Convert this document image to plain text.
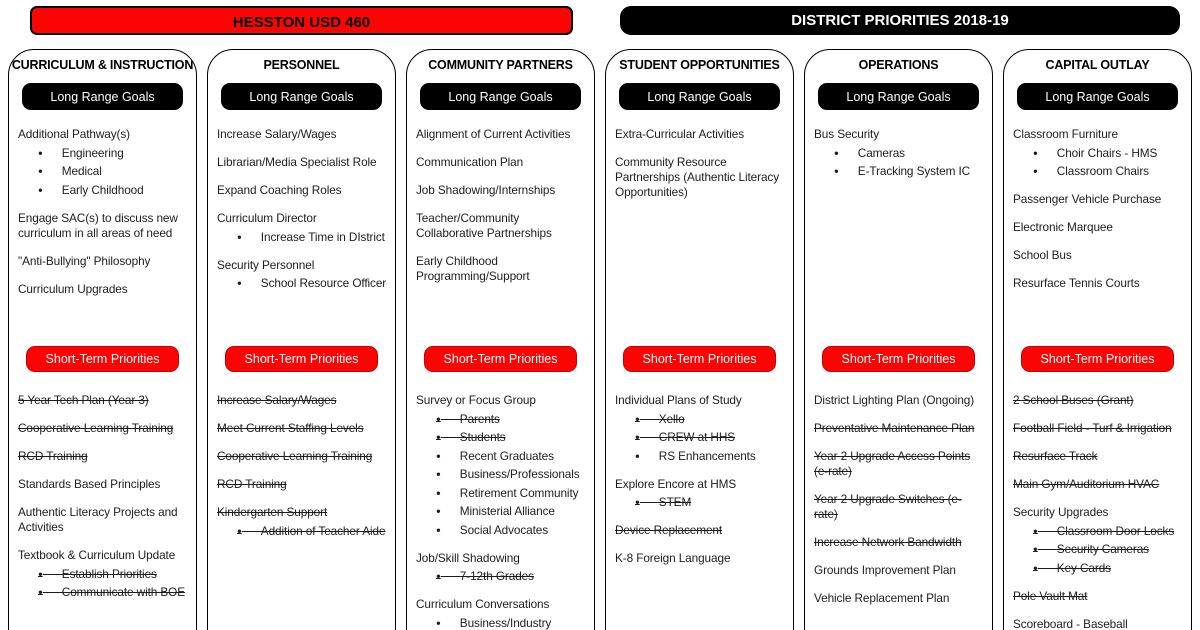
HESSTON USD 460	DISTRICT PRIORITIES 2018-19
CURRICULUM & INSTRUCTION
Long Range Goals
Additional Pathway(s)
●      Engineering
●      Medical
●      Early Childhood
Engage SAC(s) to discuss new curriculum in all areas of need
"Anti-Bullying" Philosophy
Curriculum Upgrades
Short-Term Priorities
5 Year Tech Plan (Year 3)
Cooperative Learning Training
RCD Training
Standards Based Principles
Authentic Literacy Projects and Activities
Textbook & Curriculum Update
●      Establish Priorities
●      Communicate with BOE
PERSONNEL
Long Range Goals
Increase Salary/Wages
Librarian/Media Specialist Role
Expand Coaching Roles
Curriculum Director
●      Increase Time in DIstrict
Security Personnel
●      School Resource Officer
Short-Term Priorities
Increase Salary/Wages
Meet Current Staffing Levels
Cooperative Learning Training
RCD Training
Kindergarten Support
●      Addition of Teacher Aide
COMMUNITY PARTNERS
Long Range Goals
Alignment of Current Activities
Communication Plan
Job Shadowing/Internships
Teacher/Community Collaborative Partnerships
Early Childhood Programming/Support
Short-Term Priorities
Survey or Focus Group
●      Parents
●      Students
●      Recent Graduates
●      Business/Professionals
●      Retirement Community
●      Ministerial Alliance
●      Social Advocates
Job/Skill Shadowing
●      7-12th Grades
Curriculum Conversations
●      Business/Industry
STUDENT OPPORTUNITIES
Long Range Goals
Extra-Curricular Activities
Community Resource Partnerships (Authentic Literacy Opportunities)
Short-Term Priorities
Individual Plans of Study
●      Xello
●      CREW at HHS
●      RS Enhancements
Explore Encore at HMS
●      STEM
Device Replacement
K-8 Foreign Language
OPERATIONS
Long Range Goals
Bus Security
●      Cameras
●      E-Tracking System IC
Short-Term Priorities
District Lighting Plan (Ongoing)
Preventative Maintenance Plan
Year 2 Upgrade Access Points (e-rate)
Year 2 Upgrade Switches (e-rate)
Increase Network Bandwidth
Grounds Improvement Plan
Vehicle Replacement Plan
CAPITAL OUTLAY
Long Range Goals
Classroom Furniture
●      Choir Chairs - HMS
●      Classroom Chairs
Passenger Vehicle Purchase
Electronic Marquee
School Bus
Resurface Tennis Courts
Short-Term Priorities
2 School Buses (Grant)
Football Field - Turf & Irrigation
Resurface Track
Main Gym/Auditorium HVAC
Security Upgrades
●      Classroom Door Locks
●      Security Cameras
●      Key Cards
Pole Vault Mat
Scoreboard - Baseball
